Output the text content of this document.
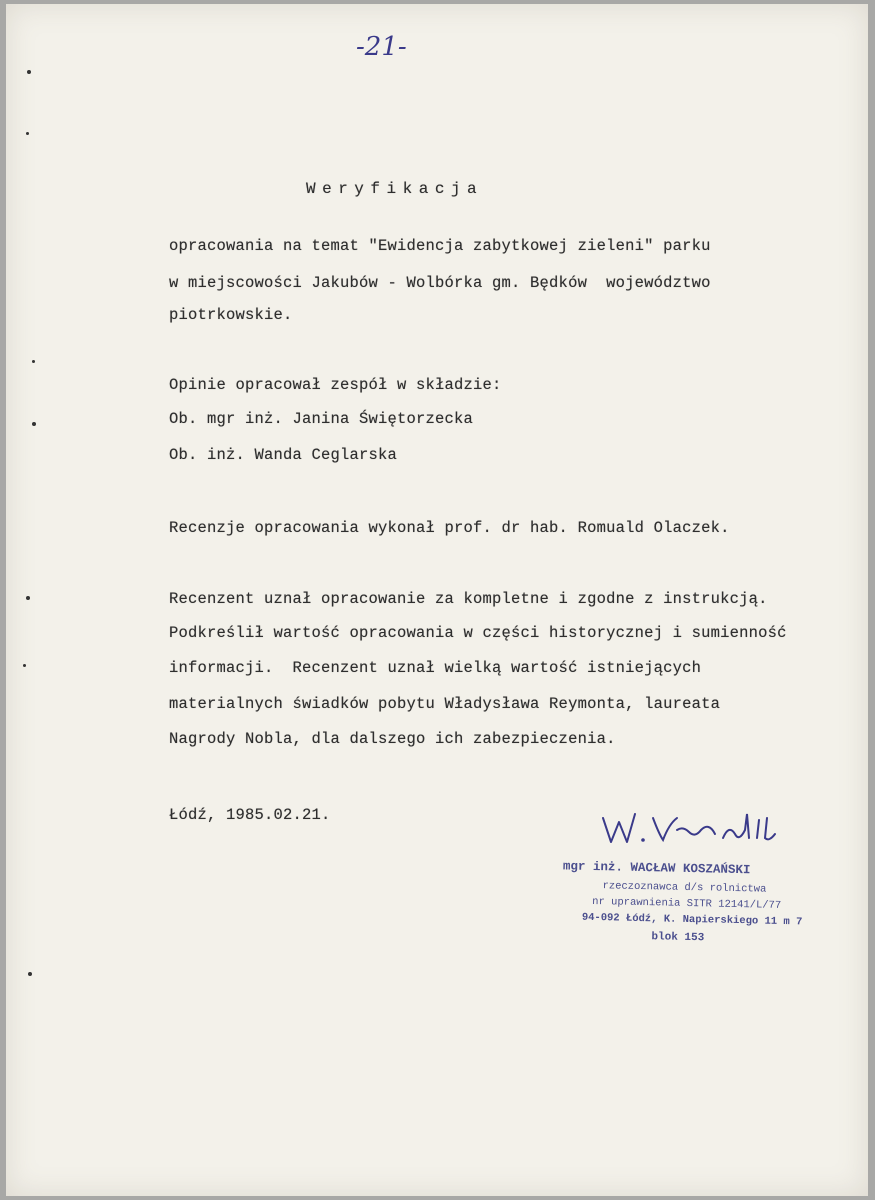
-21-
Weryfikacja
opracowania na temat "Ewidencja zabytkowej zieleni" parku
w miejscowości Jakubów - Wolbórka gm. Będków  województwo
piotrkowskie.
Opinie opracował zespół w składzie:
Ob. mgr inż. Janina Świętorzecka
Ob. inż. Wanda Ceglarska
Recenzje opracowania wykonał prof. dr hab. Romuald Olaczek.
Recenzent uznał opracowanie za kompletne i zgodne z instrukcją.
Podkreślił wartość opracowania w części historycznej i sumienność
informacji.  Recenzent uznał wielką wartość istniejących
materialnych świadków pobytu Władysława Reymonta, laureata
Nagrody Nobla, dla dalszego ich zabezpieczenia.
Łódź, 1985.02.21.
mgr inż. WACŁAW KOSZAŃSKI
rzeczoznawca d/s rolnictwa
nr uprawnienia SITR 12141/L/77
94-092 Łódź, K. Napierskiego 11 m 7
blok 153
